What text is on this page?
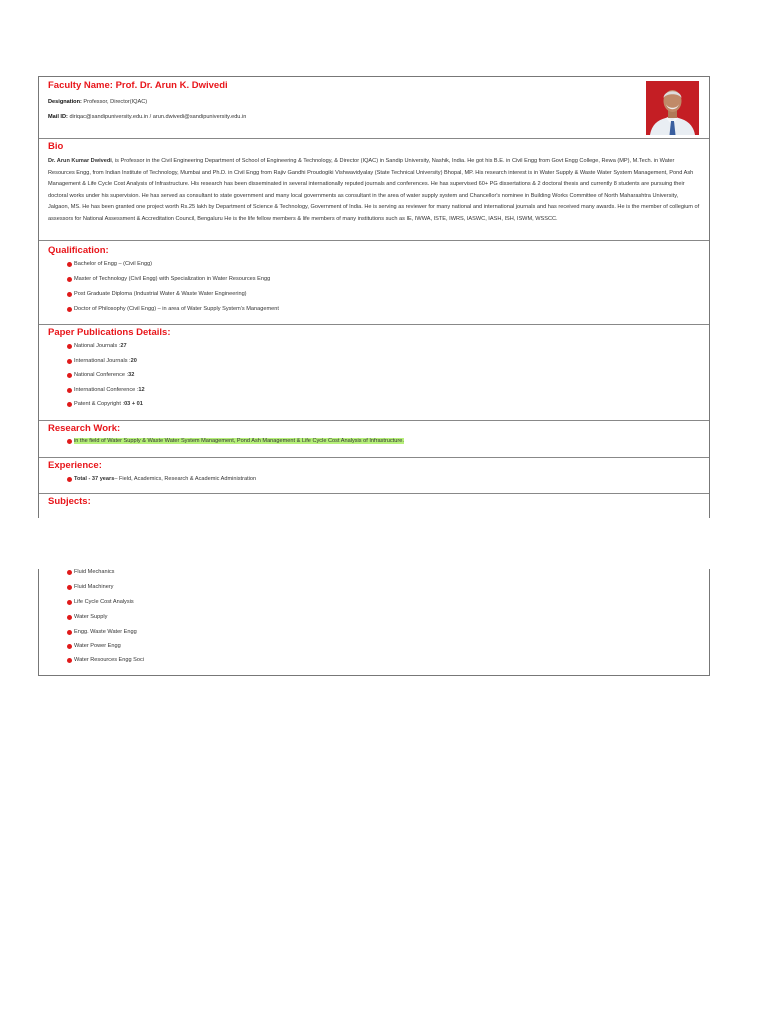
Faculty Name: Prof. Dr. Arun K. Dwivedi
Designation: Professor, Director(IQAC)
Mail ID: diriqac@sandipuniversity.edu.in / arun.dwivedi@sandipuniversity.edu.in
Bio
Dr. Arun Kumar Dwivedi, is Professor in the Civil Engineering Department of School of Engineering & Technology, & Director (IQAC) in Sandip University, Nashik, India. He got his B.E. in Civil Engg from Govt Engg College, Rewa (MP), M.Tech. in Water Resources Engg, from Indian Institute of Technology, Mumbai and Ph.D. in Civil Engg from Rajiv Gandhi Proudogiki Vishwavidyalay (State Technical University) Bhopal, MP. His research interest is in Water Supply & Waste Water System Management, Pond Ash Management & Life Cycle Cost Analysis of Infrastructure. His research has been disseminated in several internationally reputed journals and conferences. He has supervised 60+ PG dissertations & 2 doctoral thesis and currently 8 students are pursuing their doctoral works under his supervision. He has served as consultant to state government and many local governments as consultant in the area of water supply system and Chancellor's nominee in Building Works Committee of North Maharashtra University, Jalgaon, MS. He has been granted one project worth Rs.25 lakh by Department of Science & Technology, Government of India. He is serving as reviewer for many national and international journals and has received many awards. He is the member of collegium of assessors for National Assessment & Accreditation Council, Bengaluru He is the life fellow members & life members of many institutions such as IE, IWWA, ISTE, IWRS, IASWC, IASH, ISH, ISWM, WSSCC.
Qualification:
Bachelor of Engg – (Civil Engg)
Master of Technology (Civil Engg) with Specialization in Water Resources Engg
Post Graduate Diploma (Industrial Water & Waste Water Engineering)
Doctor of Philosophy (Civil Engg) – in area of Water Supply System’s Management
Paper Publications Details:
National Journals : 27
International Journals : 20
National Conference : 32
International Conference : 12
Patent & Copyright : 03 + 01
Research Work:
in the field of Water Supply & Waste Water System Management, Pond Ash Management & Life Cycle Cost Analysis of Infrastructure.
Experience:
Total - 37 years – Field, Academics, Research & Academic Administration
Subjects:
Fluid Mechanics
Fluid Machinery
Life Cycle Cost Analysis
Water Supply
Engg. Waste Water Engg
Water Power Engg
Water Resources Engg Soci
